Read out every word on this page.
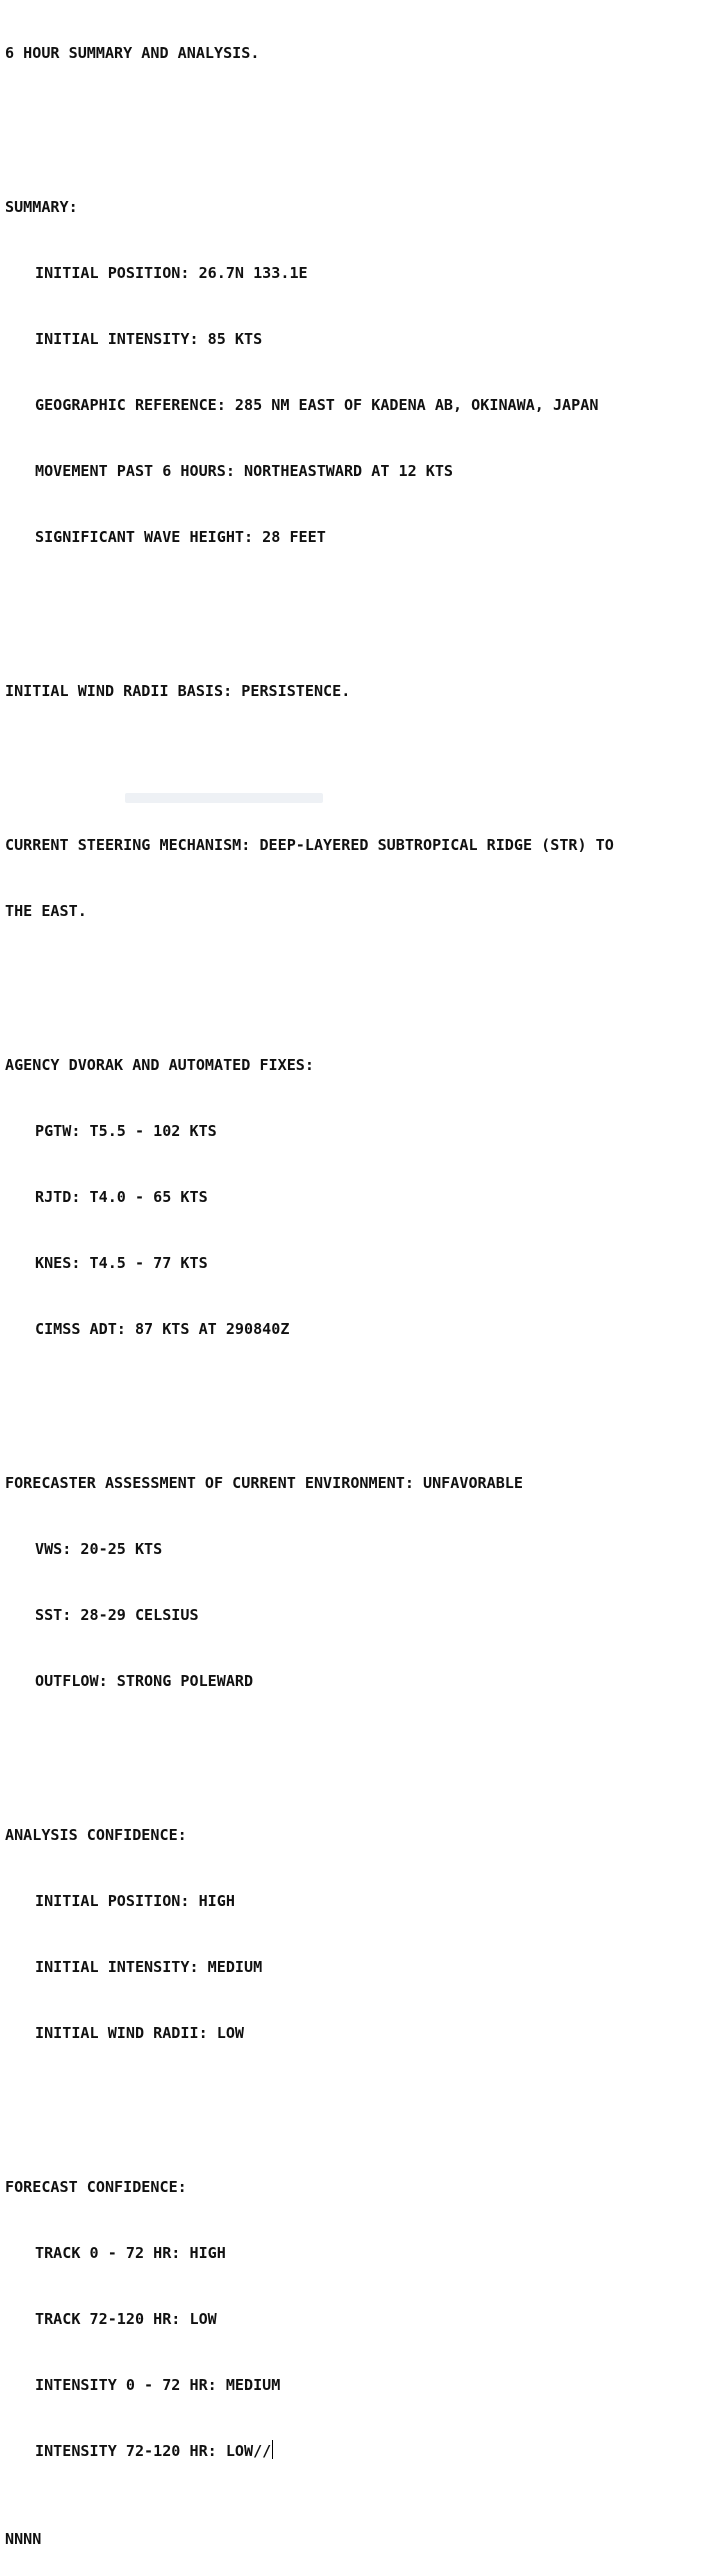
6 HOUR SUMMARY AND ANALYSIS.

SUMMARY:

INITIAL POSITION: 26.7N 133.1E

INITIAL INTENSITY: 85 KTS

GEOGRAPHIC REFERENCE: 285 NM EAST OF KADENA AB, OKINAWA, JAPAN

MOVEMENT PAST 6 HOURS: NORTHEASTWARD AT 12 KTS

SIGNIFICANT WAVE HEIGHT: 28 FEET

INITIAL WIND RADII BASIS: PERSISTENCE.

CURRENT STEERING MECHANISM: DEEP-LAYERED SUBTROPICAL RIDGE (STR) TO

THE EAST.

AGENCY DVORAK AND AUTOMATED FIXES:

PGTW: T5.5 - 102 KTS

RJTD: T4.0 - 65 KTS

KNES: T4.5 - 77 KTS

CIMSS ADT: 87 KTS AT 290840Z

FORECASTER ASSESSMENT OF CURRENT ENVIRONMENT: UNFAVORABLE

VWS: 20-25 KTS

SST: 28-29 CELSIUS

OUTFLOW: STRONG POLEWARD

ANALYSIS CONFIDENCE:

INITIAL POSITION: HIGH

INITIAL INTENSITY: MEDIUM

INITIAL WIND RADII: LOW

FORECAST CONFIDENCE:

TRACK 0 - 72 HR: HIGH

TRACK 72-120 HR: LOW

INTENSITY 0 - 72 HR: MEDIUM

INTENSITY 72-120 HR: LOW//

NNNN
